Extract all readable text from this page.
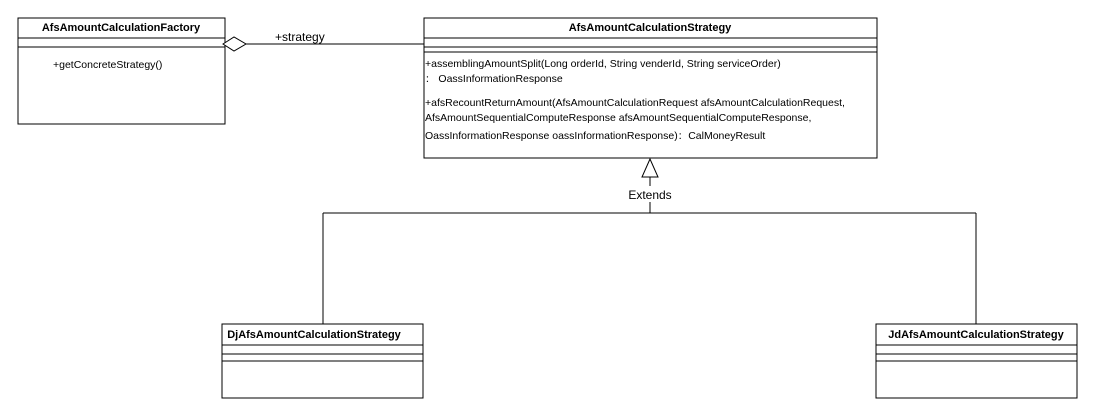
AfsAmountCalculationFactory
+getConcreteStrategy()
AfsAmountCalculationStrategy
+assemblingAmountSplit(Long orderId, String venderId, String serviceOrder)
： OassInformationResponse
+afsRecountReturnAmount(AfsAmountCalculationRequest afsAmountCalculationRequest,
AfsAmountSequentialComputeResponse afsAmountSequentialComputeResponse,
OassInformationResponse oassInformationResponse)：CalMoneyResult
+strategy
Extends
DjAfsAmountCalculationStrategy	JdAfsAmountCalculationStrategy
